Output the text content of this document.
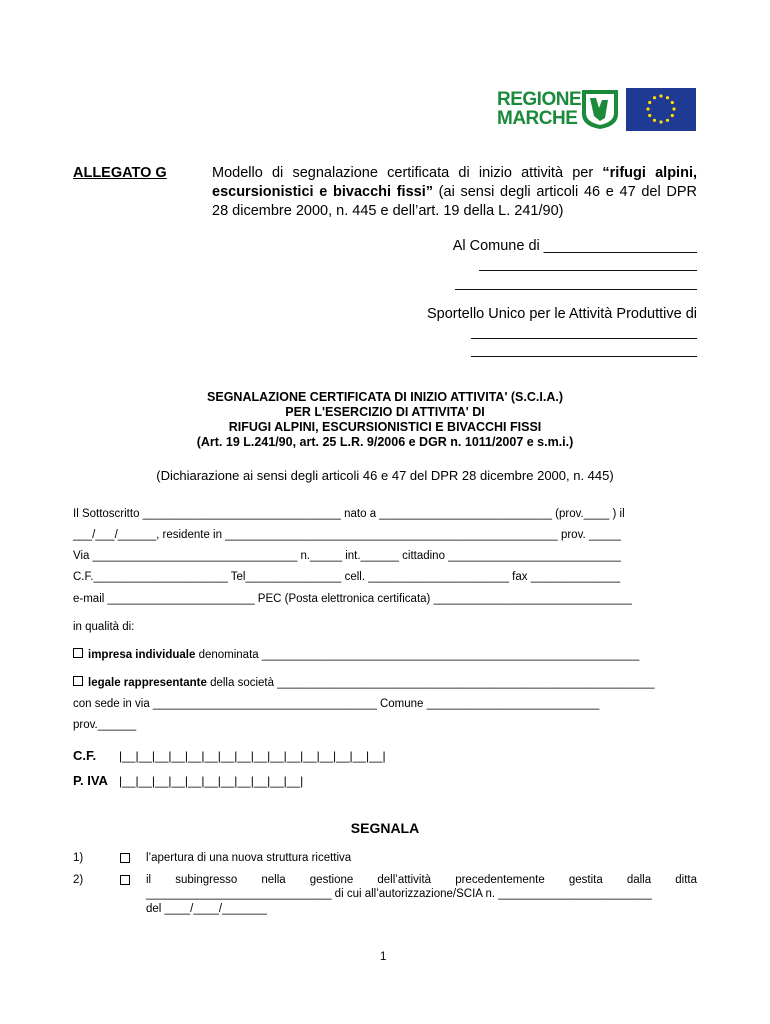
REGIONE
MARCHE
ALLEGATO G	Modello di segnalazione certificata di inizio attività per “rifugi alpini, escursionistici e bivacchi fissi” (ai sensi degli articoli 46 e 47 del DPR 28 dicembre 2000, n. 445 e dell’art. 19 della L. 241/90)
Al Comune di ___________________
___________________________
______________________________
Sportello Unico per le Attività Produttive di
____________________________
____________________________
SEGNALAZIONE CERTIFICATA DI INIZIO ATTIVITA' (S.C.I.A.)
PER L'ESERCIZIO DI ATTIVITA' DI
RIFUGI ALPINI, ESCURSIONISTICI E BIVACCHI FISSI
(Art. 19 L.241/90, art. 25 L.R. 9/2006 e DGR n. 1011/2007 e s.m.i.)
(Dichiarazione ai sensi degli articoli 46 e 47 del DPR 28 dicembre 2000, n. 445)
Il Sottoscritto _______________________________ nato a ___________________________ (prov.____ ) il
___/___/______, residente in ____________________________________________________ prov. _____
Via ________________________________ n._____ int.______ cittadino ___________________________
C.F._____________________ Tel_______________ cell. ______________________ fax ______________
e-mail _______________________ PEC (Posta elettronica certificata) _______________________________
in qualità di:
impresa individuale denominata ___________________________________________________________
legale rappresentante della società ___________________________________________________________
con sede in via ___________________________________ Comune ___________________________
prov.______
C.F. |__|__|__|__|__|__|__|__|__|__|__|__|__|__|__|__|
P. IVA |__|__|__|__|__|__|__|__|__|__|__|
SEGNALA
1)	l’apertura di una nuova struttura ricettiva
2)	il subingresso nella gestione dell’attività precedentemente gestita dalla ditta
_____________________________ di cui all’autorizzazione/SCIA n. ________________________
del ____/____/_______
1
